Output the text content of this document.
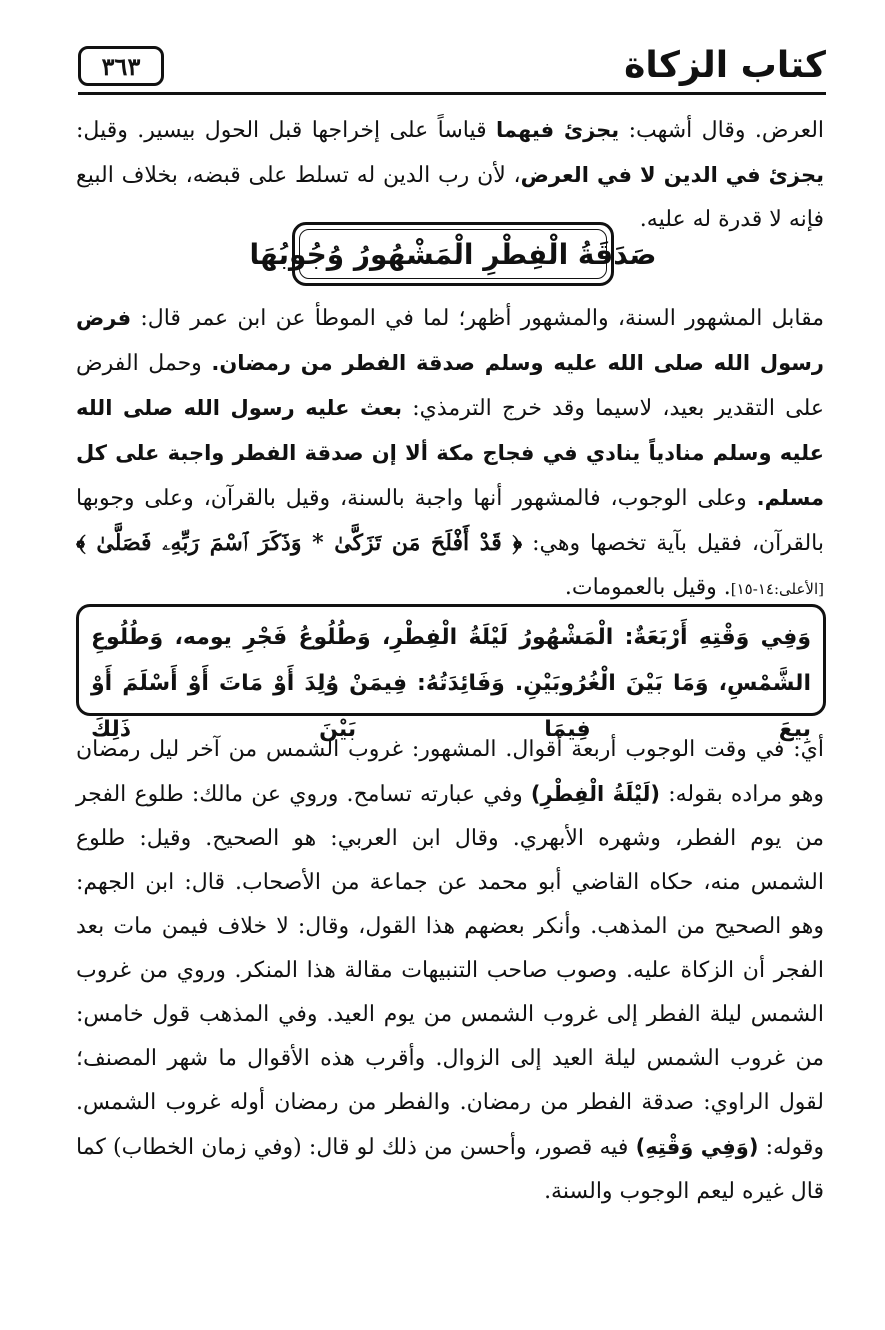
كتاب الزكاة
٣٦٣
العرض. وقال أشهب: يجزئ فيهما قياساً على إخراجها قبل الحول بيسير. وقيل: يجزئ في الدين لا في العرض، لأن رب الدين له تسلط على قبضه، بخلاف البيع فإنه لا قدرة له عليه.
صَدَقَةُ الْفِطْرِ الْمَشْهُورُ وُجُوبُهَا
مقابل المشهور السنة، والمشهور أظهر؛ لما في الموطأ عن ابن عمر قال: فرض رسول الله صلى الله عليه وسلم صدقة الفطر من رمضان. وحمل الفرض على التقدير بعيد، لاسيما وقد خرج الترمذي: بعث عليه رسول الله صلى الله عليه وسلم منادياً ينادي في فجاج مكة ألا إن صدقة الفطر واجبة على كل مسلم. وعلى الوجوب، فالمشهور أنها واجبة بالسنة، وقيل بالقرآن، وعلى وجوبها بالقرآن، فقيل بآية تخصها وهي: ﴿ قَدْ أَفْلَحَ مَن تَزَكَّىٰ * وَذَكَرَ ٱسْمَ رَبِّهِۦ فَصَلَّىٰ ﴾ [الأعلى:١٤-١٥]. وقيل بالعمومات.
وَفِي وَقْتِهِ أَرْبَعَةٌ: الْمَشْهُورُ لَيْلَةُ الْفِطْرِ، وَطُلُوعُ فَجْرِ يومه، وَطُلُوعِ الشَّمْسِ، وَمَا بَيْنَ الْغُرُوبَيْنِ. وَفَائِدَتُهُ: فِيمَنْ وُلِدَ أَوْ مَاتَ أَوْ أَسْلَمَ أَوْ بِيعَ فِيمَا بَيْنَ ذَلِكَ
أي: في وقت الوجوب أربعة أقوال. المشهور: غروب الشمس من آخر ليل رمضان وهو مراده بقوله: (لَيْلَةُ الْفِطْرِ) وفي عبارته تسامح. وروي عن مالك: طلوع الفجر من يوم الفطر، وشهره الأبهري. وقال ابن العربي: هو الصحيح. وقيل: طلوع الشمس منه، حكاه القاضي أبو محمد عن جماعة من الأصحاب. قال: ابن الجهم: وهو الصحيح من المذهب. وأنكر بعضهم هذا القول، وقال: لا خلاف فيمن مات بعد الفجر أن الزكاة عليه. وصوب صاحب التنبيهات مقالة هذا المنكر. وروي من غروب الشمس ليلة الفطر إلى غروب الشمس من يوم العيد. وفي المذهب قول خامس: من غروب الشمس ليلة العيد إلى الزوال. وأقرب هذه الأقوال ما شهر المصنف؛ لقول الراوي: صدقة الفطر من رمضان. والفطر من رمضان أوله غروب الشمس. وقوله: (وَفِي وَقْتِهِ) فيه قصور، وأحسن من ذلك لو قال: (وفي زمان الخطاب) كما قال غيره ليعم الوجوب والسنة.
